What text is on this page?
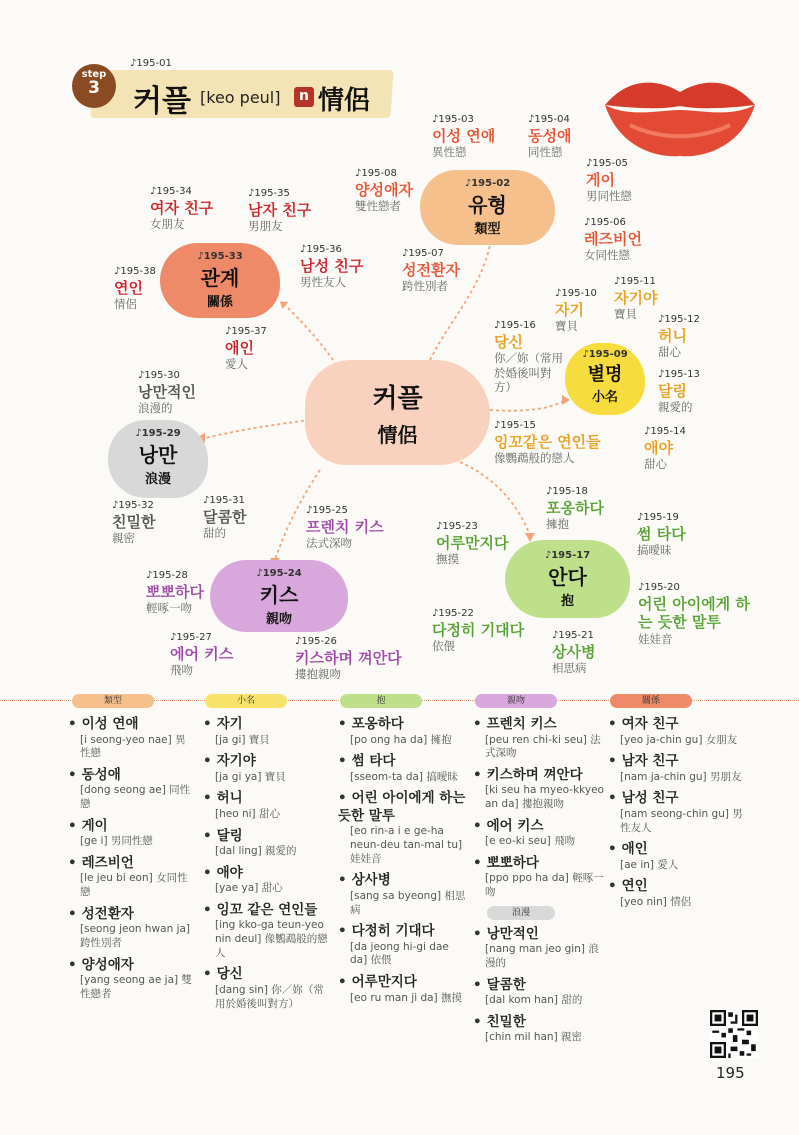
step
3
♪195-01
커플 [keo peul]	n 情侶
커플
情侶
♪195-02
유형
類型
♪195-33
관계
關係
♪195-09
별명
小名
♪195-29
낭만
浪漫
♪195-24
키스
親吻
♪195-17
안다
抱
♪195-03
이성 연애
異性戀
♪195-04
동성애
同性戀
♪195-05
게이
男同性戀
♪195-06
레즈비언
女同性戀
♪195-07
성전환자
跨性別者
♪195-08
양성애자
雙性戀者
♪195-34
여자 친구
女朋友
♪195-35
남자 친구
男朋友
♪195-36
남성 친구
男性友人
♪195-38
연인
情侶
♪195-37
애인
愛人
♪195-10
자기
寶貝
♪195-11
자기야
寶貝	♪195-12
허니
甜心
♪195-13
달링
親愛的
♪195-14
애야
甜心
♪195-16
당신
你／妳（常用於婚後叫對方）
♪195-15
잉꼬같은 연인들
像鸚鵡般的戀人
♪195-30
낭만적인
浪漫的
♪195-32
친밀한
親密
♪195-31
달콤한
甜的
♪195-25
프렌치 키스
法式深吻
♪195-28
뽀뽀하다
輕啄一吻
♪195-27
에어 키스
飛吻
♪195-26
키스하며 껴안다
摟抱親吻
♪195-18
포옹하다
擁抱	♪195-19
썸 타다
搞曖昧
♪195-23
어루만지다
撫摸
♪195-20
어린 아이에게 하는 듯한 말투
娃娃音
♪195-22
다정히 기대다
依偎
♪195-21
상사병
相思病
類型	小名	抱	親吻	關係
• 이성 연애
[i seong-yeo nae] 異性戀
• 동성애
[dong seong ae] 同性戀
• 게이
[ge i] 男同性戀
• 레즈비언
[le jeu bi eon] 女同性戀
• 성전환자
[seong jeon hwan ja] 跨性別者
• 양성애자
[yang seong ae ja] 雙性戀者
• 자기
[ja gi] 寶貝
• 자기야
[ja gi ya] 寶貝
• 허니
[heo ni] 甜心
• 달링
[dal ling] 親愛的
• 애야
[yae ya] 甜心
• 잉꼬 같은 연인들
[ing kko-ga teun-yeo nin deul] 像鸚鵡般的戀人
• 당신
[dang sin] 你／妳（常用於婚後叫對方）
• 포옹하다
[po ong ha da] 擁抱
• 썸 타다
[sseom-ta da] 搞曖昧
• 어린 아이에게 하는 듯한 말투
[eo rin-a i e ge-ha neun-deu tan-mal tu] 娃娃音
• 상사병
[sang sa byeong] 相思病
• 다정히 기대다
[da jeong hi-gi dae da] 依偎
• 어루만지다
[eo ru man ji da] 撫摸
• 프렌치 키스
[peu ren chi-ki seu] 法式深吻
• 키스하며 껴안다
[ki seu ha myeo-kkyeo an da] 摟抱親吻
• 에어 키스
[e eo-ki seu] 飛吻
• 뽀뽀하다
[ppo ppo ha da] 輕啄一吻
浪漫
• 낭만적인
[nang man jeo gin] 浪漫的
• 달콤한
[dal kom han] 甜的
• 친밀한
[chin mil han] 親密
• 여자 친구
[yeo ja-chin gu] 女朋友
• 남자 친구
[nam ja-chin gu] 男朋友
• 남성 친구
[nam seong-chin gu] 男性友人
• 애인
[ae in] 愛人
• 연인
[yeo nin] 情侶
195
